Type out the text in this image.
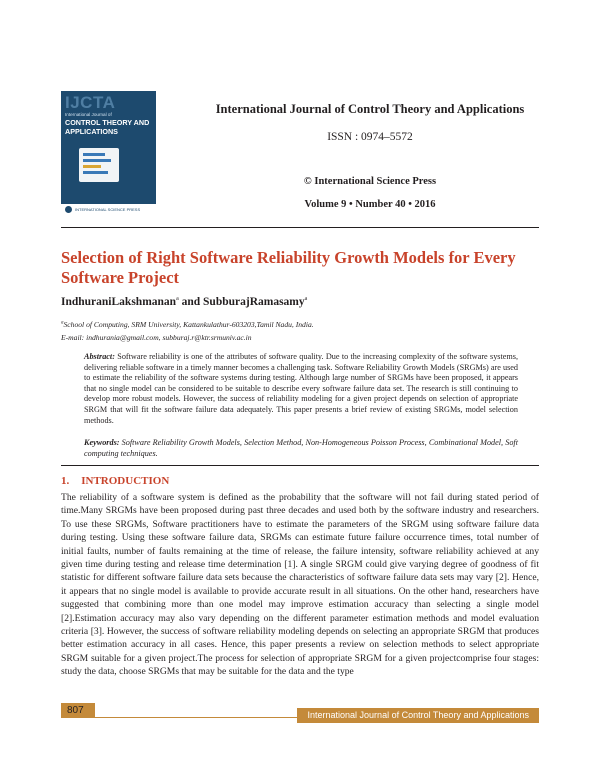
IJCTA
International Journal of
CONTROL THEORY AND APPLICATIONS
INTERNATIONAL SCIENCE PRESS
International Journal of Control Theory and Applications
ISSN : 0974–5572
© International Science Press
Volume 9 • Number 40 • 2016
Selection of Right Software Reliability Growth Models for Every Software Project
IndhuraniLakshmanan$^a$ and SubburajRamasamy$^a$
$^a$School of Computing, SRM University, Kattankulathur-603203,Tamil Nadu, India.
E-mail: indhurania@gmail.com, subburaj.r@ktr.srmuniv.ac.in
Abstract: Software reliability is one of the attributes of software quality. Due to the increasing complexity of the software systems, delivering reliable software in a timely manner becomes a challenging task. Software Reliability Growth Models (SRGMs) are used to estimate the reliability of the software systems during testing. Although large number of SRGMs have been proposed, it appears that no single model can be considered to be suitable to describe every software failure data set. The research is still continuing to develop more robust models. However, the success of reliability modeling for a given project depends on selection of appropriate SRGM that will fit the software failure data adequately. This paper presents a brief review of existing SRGMs, model selection methods.
Keywords: Software Reliability Growth Models, Selection Method, Non-Homogeneous Poisson Process, Combinational Model, Soft computing techniques.
1. INTRODUCTION
The reliability of a software system is defined as the probability that the software will not fail during stated period of time.Many SRGMs have been proposed during past three decades and used both by the software industry and researchers. To use these SRGMs, Software practitioners have to estimate the parameters of the SRGM using software failure data during testing. Using these software failure data, SRGMs can estimate future failure occurrence times, total number of initial faults, number of faults remaining at the time of release, the failure intensity, software reliability achieved at any given time during testing and release time determination [1]. A single SRGM could give varying degree of goodness of fit statistic for different software failure data sets because the characteristics of software failure data sets may vary [2]. Hence, it appears that no single model is available to provide accurate result in all situations. On the other hand, researchers have suggested that combining more than one model may improve estimation accuracy than selecting a single model [2].Estimation accuracy may also vary depending on the different parameter estimation methods and model evaluation criteria [3]. However, the success of software reliability modeling depends on selecting an appropriate SRGM that produces better estimation accuracy in all cases. Hence, this paper presents a review on selection methods to select appropriate SRGM suitable for a given project.The process for selection of appropriate SRGM for a given projectcomprise four stages: study the data, choose SRGMs that may be suitable for the data and the type
807	International Journal of Control Theory and Applications
